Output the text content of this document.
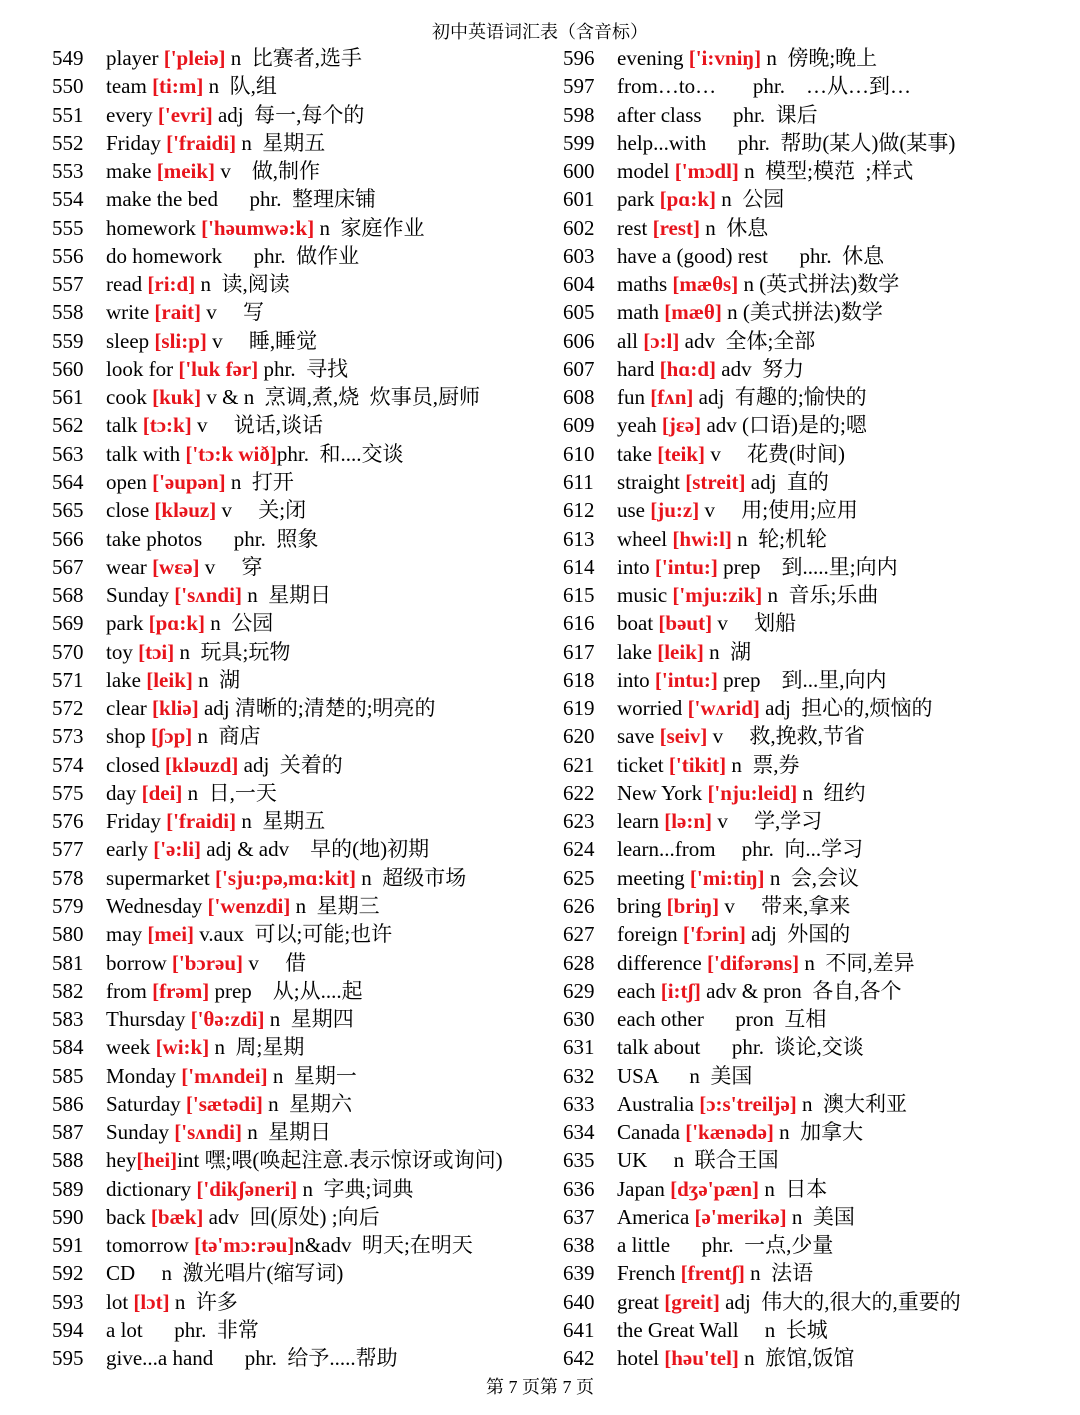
初中英语词汇表（含音标）
549 player ['pleiə] n  比赛者,选手
550 team [ti:m] n  队,组
551 every ['evri] adj  每一,每个的
552 Friday ['fraidi] n  星期五
553 make [meik] v    做,制作
554 make the bed      phr.  整理床铺
555 homework ['həumwə:k] n  家庭作业
556 do homework      phr.  做作业
557 read [ri:d] n  读,阅读
558 write [rait] v     写
559 sleep [sli:p] v     睡,睡觉
560 look for ['luk fər] phr.  寻找
561 cook [kuk] v & n  烹调,煮,烧  炊事员,厨师
562 talk [tɔ:k] v     说话,谈话
563 talk with ['tɔ:k wið]phr.  和....交谈
564 open ['əupən] n  打开
565 close [kləuz] v     关;闭
566 take photos      phr.  照象
567 wear [wɛə] v     穿
568 Sunday ['sʌndi] n  星期日
569 park [pɑ:k] n  公园
570 toy [tɔi] n  玩具;玩物
571 lake [leik] n  湖
572 clear [kliə] adj 清晰的;清楚的;明亮的
573 shop [ʃɔp] n  商店
574 closed [kləuzd] adj  关着的
575 day [dei] n  日,一天
576 Friday ['fraidi] n  星期五
577 early ['ə:li] adj & adv    早的(地)初期
578 supermarket ['sju:pə,mɑ:kit] n  超级市场
579 Wednesday ['wenzdi] n  星期三
580 may [mei] v.aux  可以;可能;也许
581 borrow ['bɔrəu] v     借
582 from [frəm] prep    从;从....起
583 Thursday ['θə:zdi] n  星期四
584 week [wi:k] n  周;星期
585 Monday ['mʌndei] n  星期一
586 Saturday ['sætədi] n  星期六
587 Sunday ['sʌndi] n  星期日
588 hey[hei]int 嘿;喂(唤起注意.表示惊讶或询问)
589 dictionary ['dikʃəneri] n  字典;词典
590 back [bæk] adv  回(原处) ;向后
591 tomorrow [tə'mɔ:rəu]n&adv  明天;在明天
592 CD     n  激光唱片(缩写词)
593 lot [lɔt] n  许多
594 a lot      phr.  非常
595 give...a hand      phr.  给予.....帮助
596 evening ['i:vniŋ] n  傍晚;晚上
597 from…to…       phr.    …从…到…
598 after class      phr.  课后
599 help...with      phr.  帮助(某人)做(某事)
600 model ['mɔdl] n  模型;模范  ;样式
601 park [pɑ:k] n  公园
602 rest [rest] n  休息
603 have a (good) rest      phr.  休息
604 maths [mæθs] n (英式拼法)数学
605 math [mæθ] n (美式拼法)数学
606 all [ɔ:l] adv  全体;全部
607 hard [hɑ:d] adv  努力
608 fun [fʌn] adj  有趣的;愉快的
609 yeah [jɛə] adv (口语)是的;嗯
610 take [teik] v     花费(时间)
611 straight [streit] adj  直的
612 use [ju:z] v     用;使用;应用
613 wheel [hwi:l] n  轮;机轮
614 into ['intu:] prep    到.....里;向内
615 music ['mju:zik] n  音乐;乐曲
616 boat [bəut] v     划船
617 lake [leik] n  湖
618 into ['intu:] prep    到...里,向内
619 worried ['wʌrid] adj  担心的,烦恼的
620 save [seiv] v     救,挽救,节省
621 ticket ['tikit] n  票,券
622 New York ['nju:leid] n  纽约
623 learn [lə:n] v     学,学习
624 learn...from     phr.  向...学习
625 meeting ['mi:tiŋ] n  会,会议
626 bring [briŋ] v     带来,拿来
627 foreign ['fɔrin] adj  外国的
628 difference ['difərəns] n  不同,差异
629 each [i:tʃ] adv & pron  各自,各个
630 each other      pron  互相
631 talk about      phr.  谈论,交谈
632 USA      n  美国
633 Australia [ɔ:s'treiljə] n  澳大利亚
634 Canada ['kænədə] n  加拿大
635 UK     n  联合王国
636 Japan [dʒə'pæn] n  日本
637 America [ə'merikə] n  美国
638 a little      phr.  一点,少量
639 French [frentʃ] n  法语
640 great [greit] adj  伟大的,很大的,重要的
641 the Great Wall     n  长城
642 hotel [həu'tel] n  旅馆,饭馆
第 7 页第 7 页
